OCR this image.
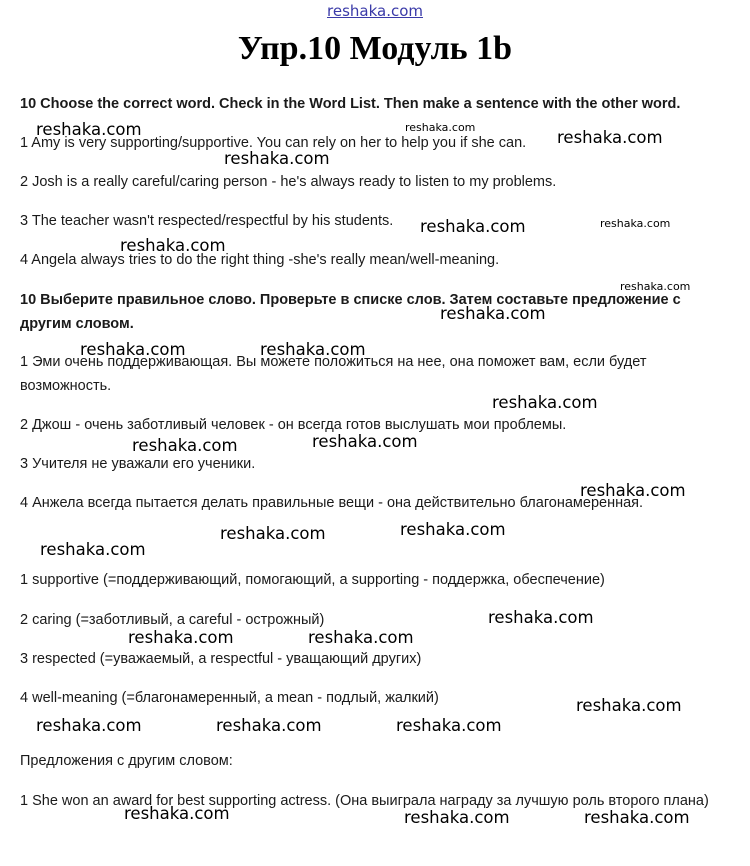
reshaka.com
Упр.10 Модуль 1b
10 Choose the correct word. Check in the Word List. Then make a sentence with the other word.
1 Amy is very supporting/supportive. You can rely on her to help you if she can.
2 Josh is a really careful/caring person - he's always ready to listen to my problems.
3 The teacher wasn't respected/respectful by his students.
4 Angela always tries to do the right thing -she's really mean/well-meaning.
10 Выберите правильное слово. Проверьте в списке слов. Затем составьте предложение с другим словом.
1 Эми очень поддерживающая. Вы можете положиться на нее, она поможет вам, если будет возможность.
2 Джош - очень заботливый человек - он всегда готов выслушать мои проблемы.
3 Учителя не уважали его ученики.
4 Анжела всегда пытается делать правильные вещи - она действительно благонамеренная.
1 supportive (=поддерживающий, помогающий, а supporting - поддержка, обеспечение)
2 caring (=заботливый, а careful - острожный)
3 respected (=уважаемый, а respectful - увaщающий других)
4 well-meaning (=благонамеренный, а mean - подлый, жалкий)
Предложения с другим словом:
1 She won an award for best supporting actress. (Она выиграла награду за лучшую роль второго плана)
reshaka.com	reshaka.com
reshaka.com
reshaka.com
reshaka.com	reshaka.com
reshaka.com
reshaka.com
reshaka.com
reshaka.com	reshaka.com
reshaka.com
reshaka.com
reshaka.com
reshaka.com
reshaka.com
reshaka.com
reshaka.com
reshaka.com
reshaka.com	reshaka.com
reshaka.com
reshaka.com	reshaka.com	reshaka.com
reshaka.com	reshaka.com	reshaka.com
